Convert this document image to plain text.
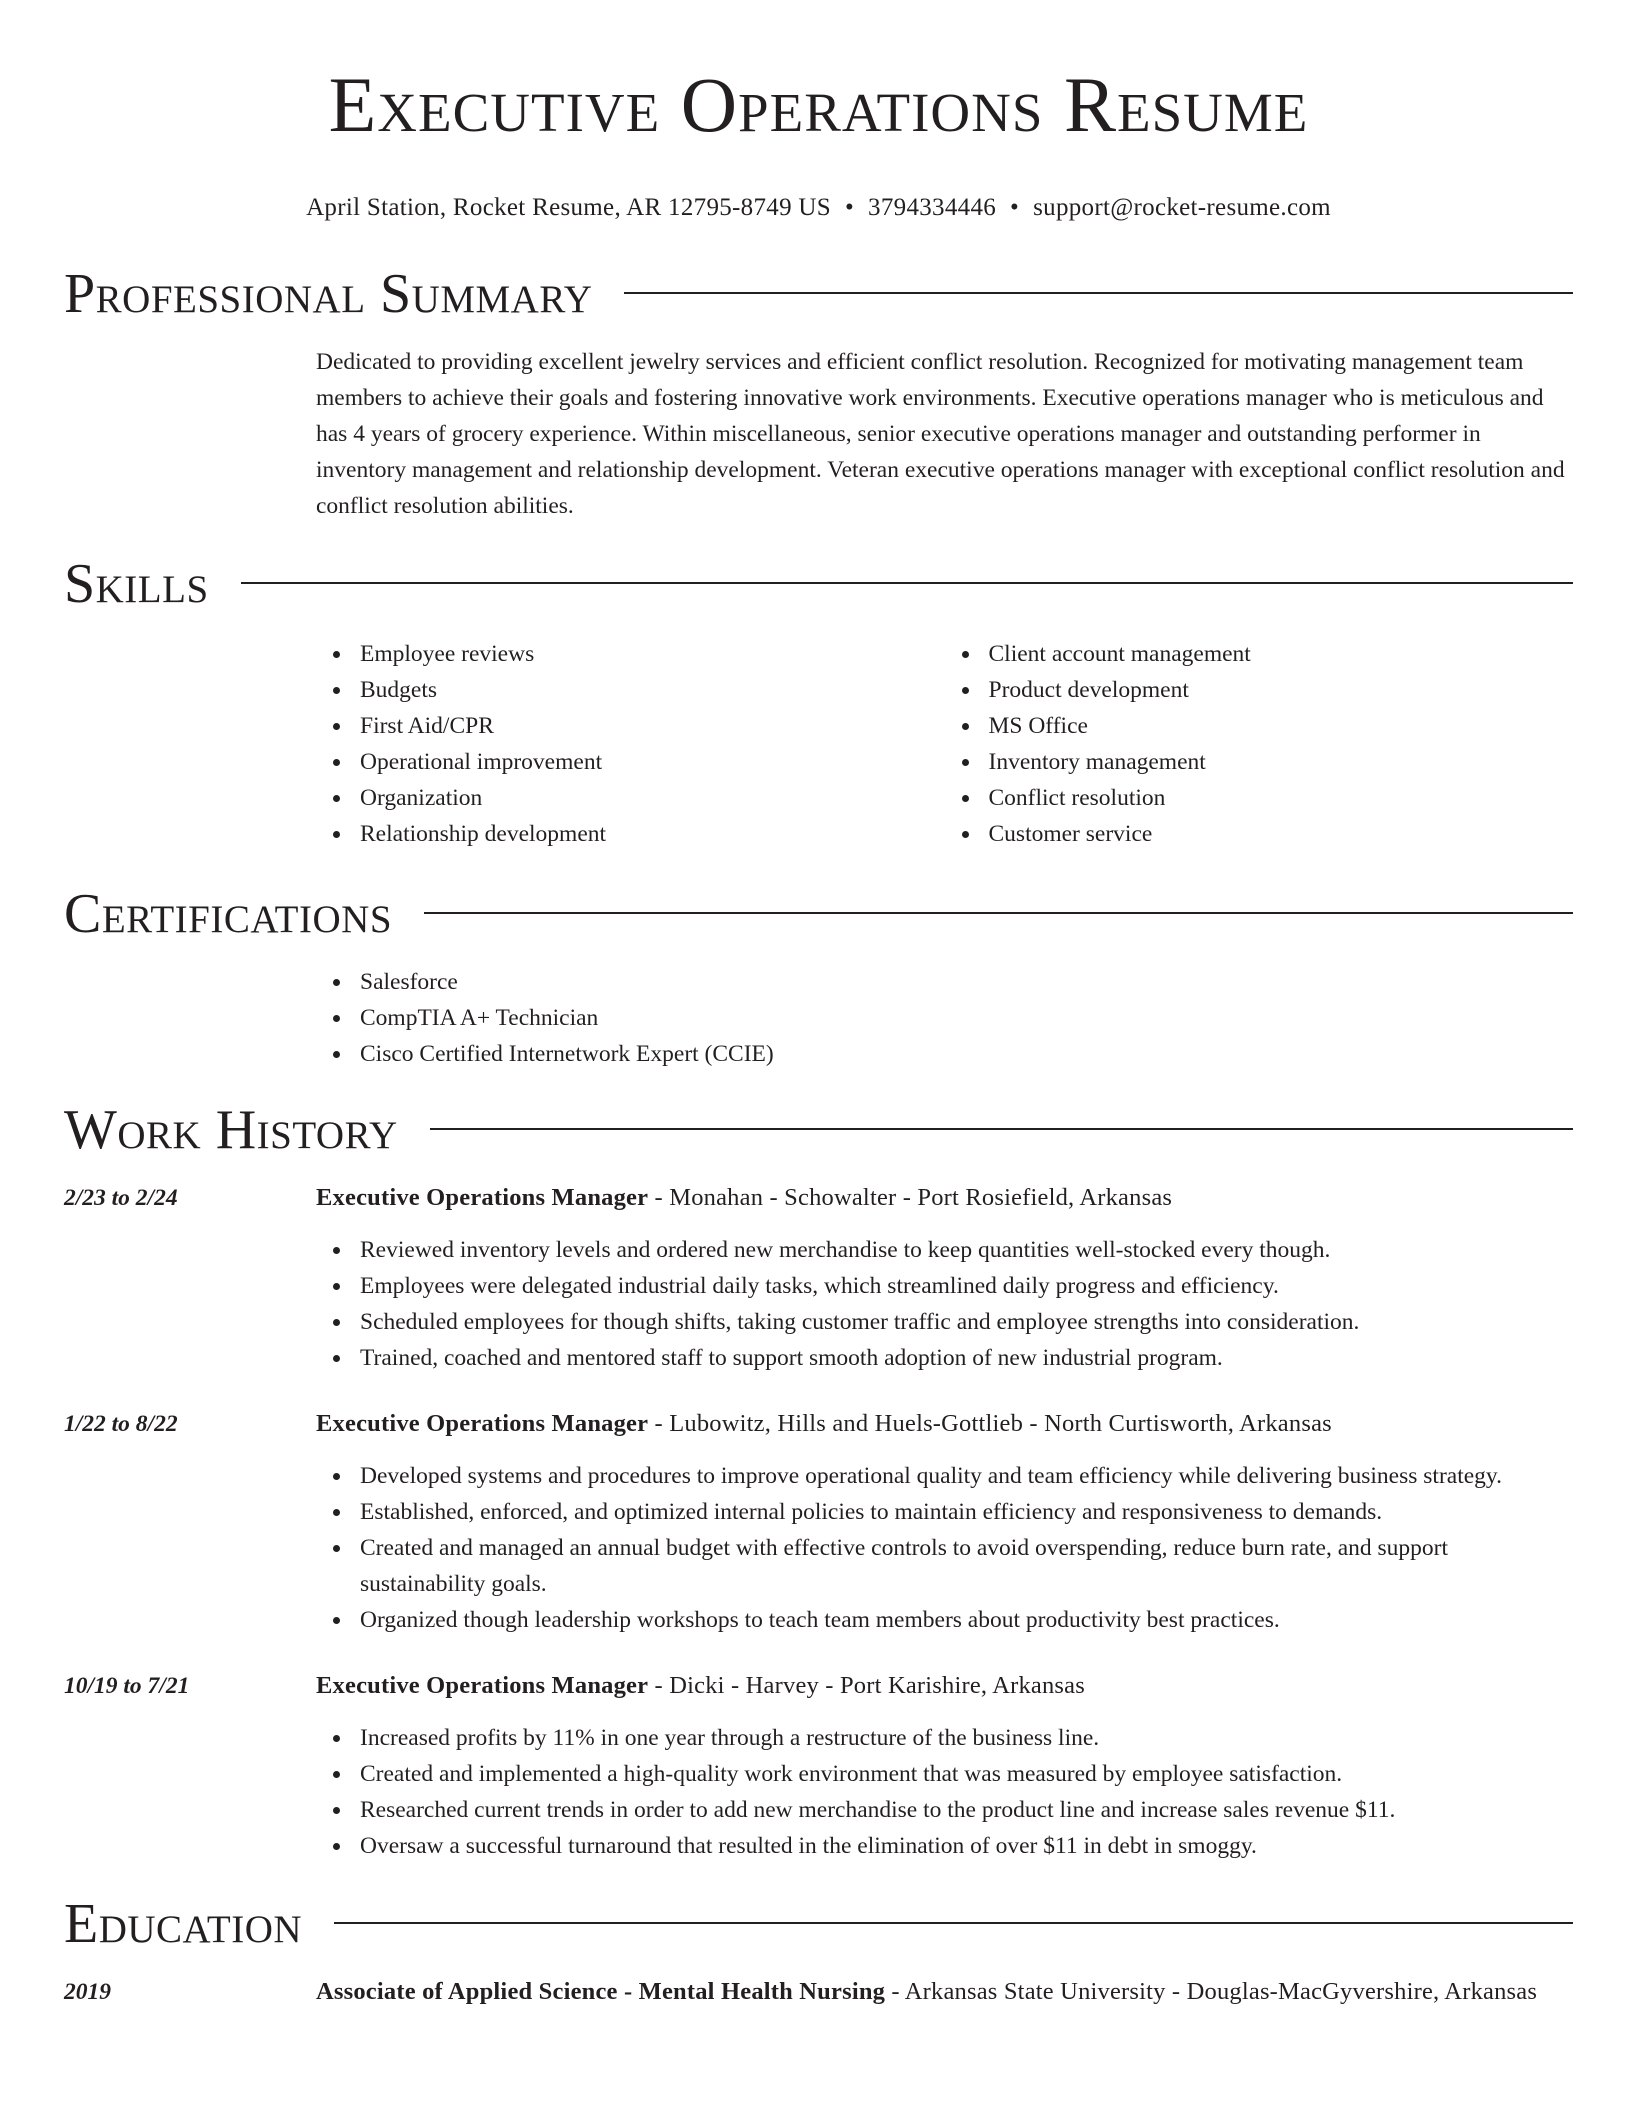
Executive Operations Resume
April Station, Rocket Resume, AR 12795-8749 US • 3794334446 • support@rocket-resume.com
Professional Summary
Dedicated to providing excellent jewelry services and efficient conflict resolution. Recognized for motivating management team members to achieve their goals and fostering innovative work environments. Executive operations manager who is meticulous and has 4 years of grocery experience. Within miscellaneous, senior executive operations manager and outstanding performer in inventory management and relationship development. Veteran executive operations manager with exceptional conflict resolution and conflict resolution abilities.
Skills
Employee reviews
Budgets
First Aid/CPR
Operational improvement
Organization
Relationship development
Client account management
Product development
MS Office
Inventory management
Conflict resolution
Customer service
Certifications
Salesforce
CompTIA A+ Technician
Cisco Certified Internetwork Expert (CCIE)
Work History
2/23 to 2/24	Executive Operations Manager - Monahan - Schowalter - Port Rosiefield, Arkansas
Reviewed inventory levels and ordered new merchandise to keep quantities well-stocked every though.
Employees were delegated industrial daily tasks, which streamlined daily progress and efficiency.
Scheduled employees for though shifts, taking customer traffic and employee strengths into consideration.
Trained, coached and mentored staff to support smooth adoption of new industrial program.
1/22 to 8/22	Executive Operations Manager - Lubowitz, Hills and Huels-Gottlieb - North Curtisworth, Arkansas
Developed systems and procedures to improve operational quality and team efficiency while delivering business strategy.
Established, enforced, and optimized internal policies to maintain efficiency and responsiveness to demands.
Created and managed an annual budget with effective controls to avoid overspending, reduce burn rate, and support sustainability goals.
Organized though leadership workshops to teach team members about productivity best practices.
10/19 to 7/21	Executive Operations Manager - Dicki - Harvey - Port Karishire, Arkansas
Increased profits by 11% in one year through a restructure of the business line.
Created and implemented a high-quality work environment that was measured by employee satisfaction.
Researched current trends in order to add new merchandise to the product line and increase sales revenue $11.
Oversaw a successful turnaround that resulted in the elimination of over $11 in debt in smoggy.
Education
2019	Associate of Applied Science - Mental Health Nursing - Arkansas State University - Douglas-MacGyvershire, Arkansas
